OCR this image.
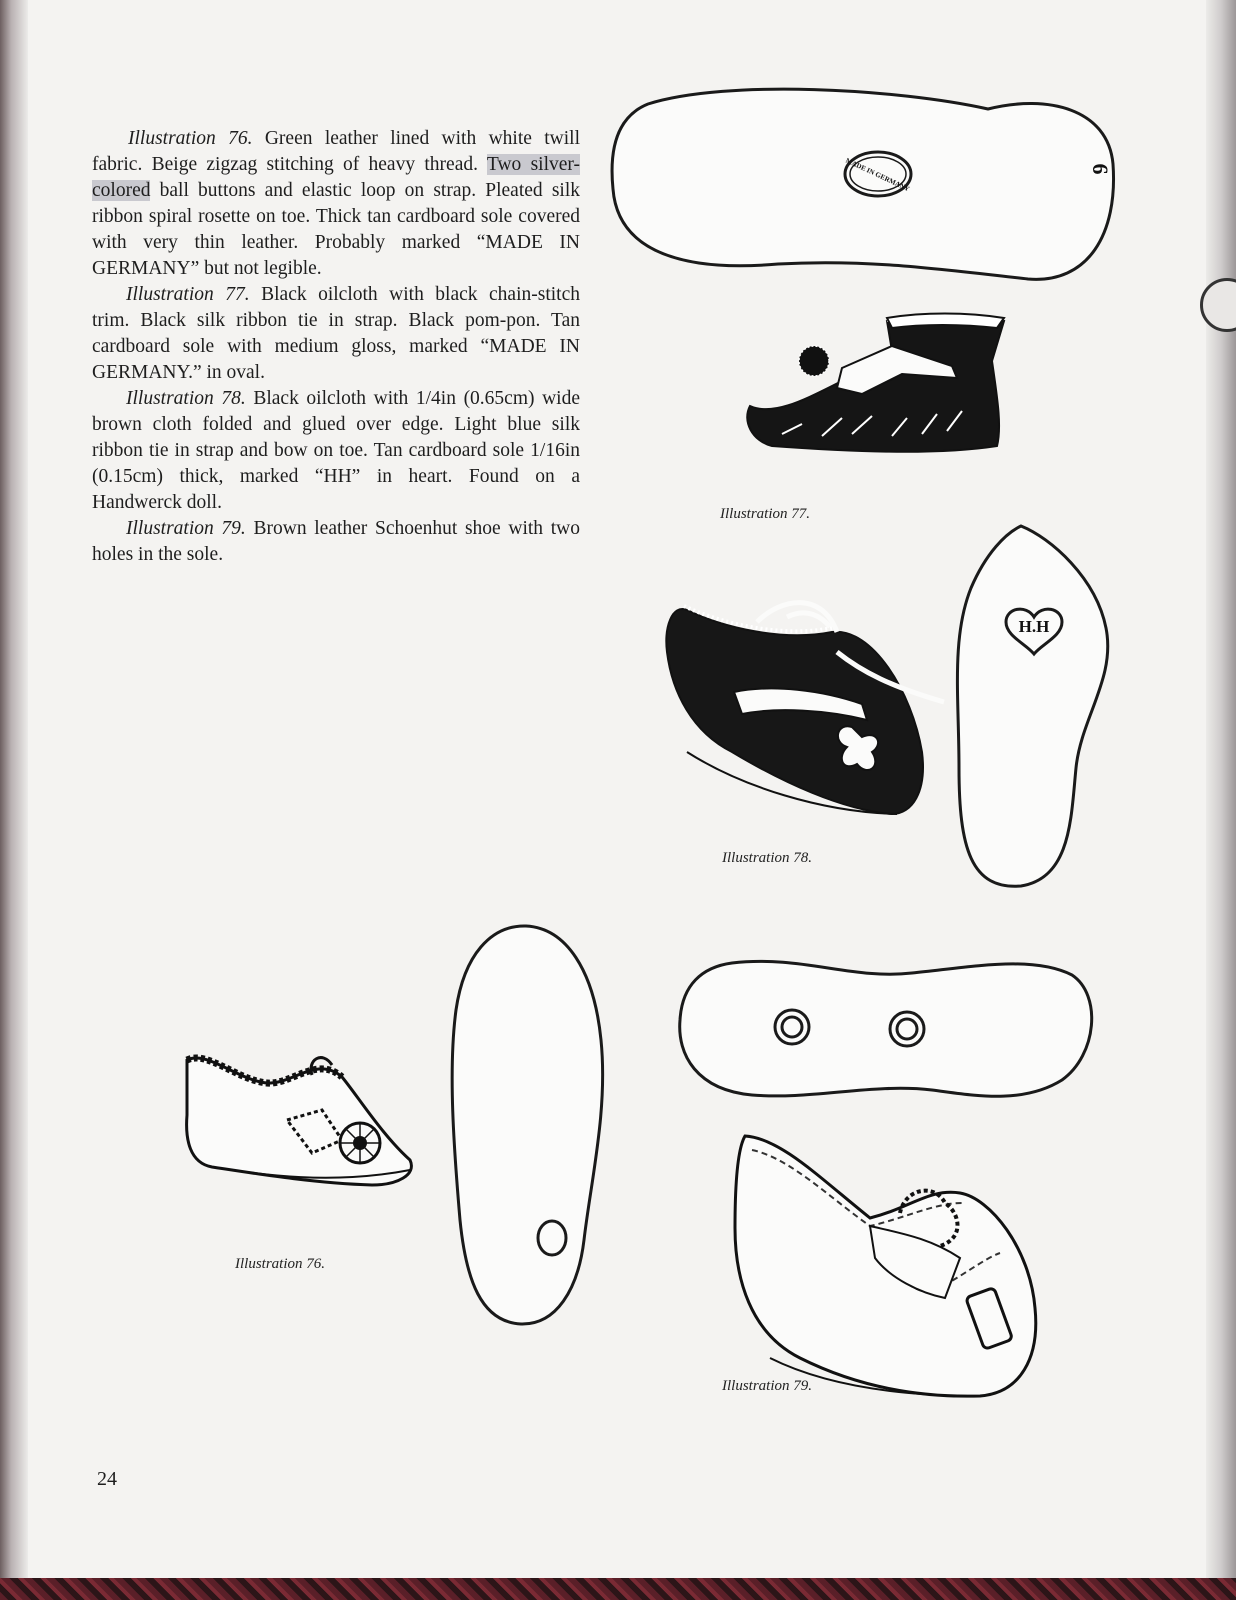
Illustration 76. Green leather lined with white twill fabric. Beige zigzag stitching of heavy thread. Two silver-colored ball buttons and elastic loop on strap. Pleated silk ribbon spiral rosette on toe. Thick tan cardboard sole covered with very thin leather. Probably marked “MADE IN GERMANY” but not legible.

Illustration 77. Black oilcloth with black chain-stitch trim. Black silk ribbon tie in strap. Black pom-pon. Tan cardboard sole with medium gloss, marked “MADE IN GERMANY.” in oval.

Illustration 78. Black oilcloth with 1/4in (0.65cm) wide brown cloth folded and glued over edge. Light blue silk ribbon tie in strap and bow on toe. Tan cardboard sole 1/16in (0.15cm) thick, marked “HH” in heart. Found on a Handwerck doll.

Illustration 79. Brown leather Schoenhut shoe with two holes in the sole.

MADE IN GERMANY	6
H.H
Illustration 77.
Illustration 78.
Illustration 76.
Illustration 79.
24
